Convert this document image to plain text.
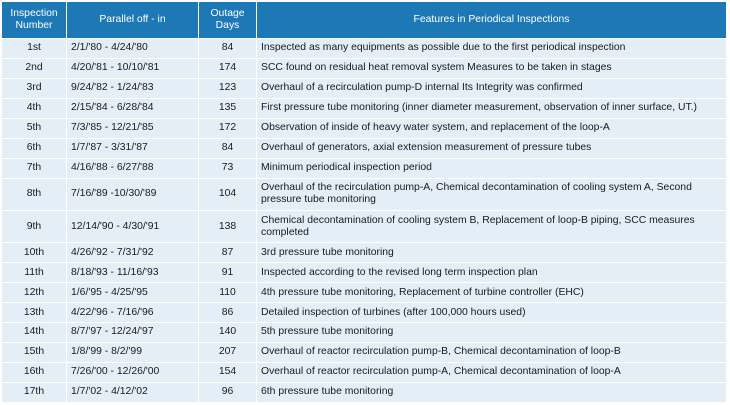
Inspection Number	Parallel off - in	Outage Days	Features in Periodical Inspections
1st	2/1/'80 - 4/24/'80	84	Inspected as many equipments as possible due to the first periodical inspection
2nd	4/20/'81 - 10/10/'81	174	SCC found on residual heat removal system Measures to be taken in stages
3rd	9/24/'82 - 1/24/'83	123	Overhaul of a recirculation pump-D internal Its Integrity was confirmed
4th	2/15/'84 - 6/28/'84	135	First pressure tube monitoring (inner diameter measurement, observation of inner surface, UT.)
5th	7/3/'85 - 12/21/'85	172	Observation of inside of heavy water system, and replacement of the loop-A
6th	1/7/'87 - 3/31/'87	84	Overhaul of generators, axial extension measurement of pressure tubes
7th	4/16/'88 - 6/27/'88	73	Minimum periodical inspection period
8th	7/16/'89 -10/30/'89	104	Overhaul of the recirculation pump-A, Chemical decontamination of cooling system A, Second pressure tube monitoring
9th	12/14/'90 - 4/30/'91	138	Chemical decontamination of cooling system B, Replacement of loop-B piping, SCC measures completed
10th	4/26/'92 - 7/31/'92	87	3rd pressure tube monitoring
11th	8/18/'93 - 11/16/'93	91	Inspected according to the revised long term inspection plan
12th	1/6/'95 - 4/25/'95	110	4th pressure tube monitoring, Replacement of turbine controller (EHC)
13th	4/22/'96 - 7/16/'96	86	Detailed inspection of turbines (after 100,000 hours used)
14th	8/7/'97 - 12/24/'97	140	5th pressure tube monitoring
15th	1/8/'99 - 8/2/'99	207	Overhaul of reactor recirculation pump-B, Chemical decontamination of loop-B
16th	7/26/'00 - 12/26/'00	154	Overhaul of reactor recirculation pump-A, Chemical decontamination of loop-A
17th	1/7/'02 - 4/12/'02	96	6th pressure tube monitoring
